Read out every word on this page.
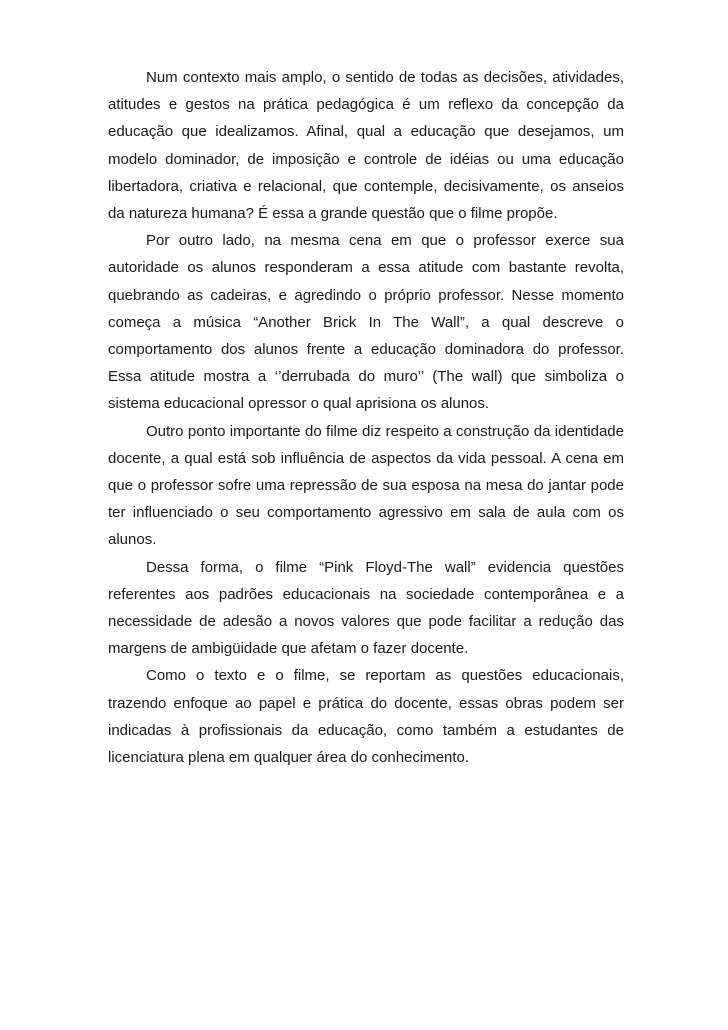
Num contexto mais amplo, o sentido de todas as decisões, atividades, atitudes e gestos na prática pedagógica é um reflexo da concepção da educação que idealizamos. Afinal, qual a educação que desejamos, um modelo dominador, de imposição e controle de idéias ou uma educação libertadora, criativa e relacional, que contemple, decisivamente, os anseios da natureza humana? É essa a grande questão que o filme propõe.

Por outro lado, na mesma cena em que o professor exerce sua autoridade os alunos responderam a essa atitude com bastante revolta, quebrando as cadeiras, e agredindo o próprio professor. Nesse momento começa a música “Another Brick In The Wall”, a qual descreve o comportamento dos alunos frente a educação dominadora do professor. Essa atitude mostra a ‘’derrubada do muro’’ (The wall) que simboliza o sistema educacional opressor o qual aprisiona os alunos.

Outro ponto importante do filme diz respeito a construção da identidade docente, a qual está sob influência de aspectos da vida pessoal. A cena em que o professor sofre uma repressão de sua esposa na mesa do jantar pode ter influenciado o seu comportamento agressivo em sala de aula com os alunos.

Dessa forma, o filme “Pink Floyd-The wall” evidencia questões referentes aos padrões educacionais na sociedade contemporânea e a necessidade de adesão a novos valores que pode facilitar a redução das margens de ambigüidade que afetam o fazer docente.

Como o texto e o filme, se reportam as questões educacionais, trazendo enfoque ao papel e prática do docente, essas obras podem ser indicadas à profissionais da educação, como também a estudantes de licenciatura plena em qualquer área do conhecimento.
